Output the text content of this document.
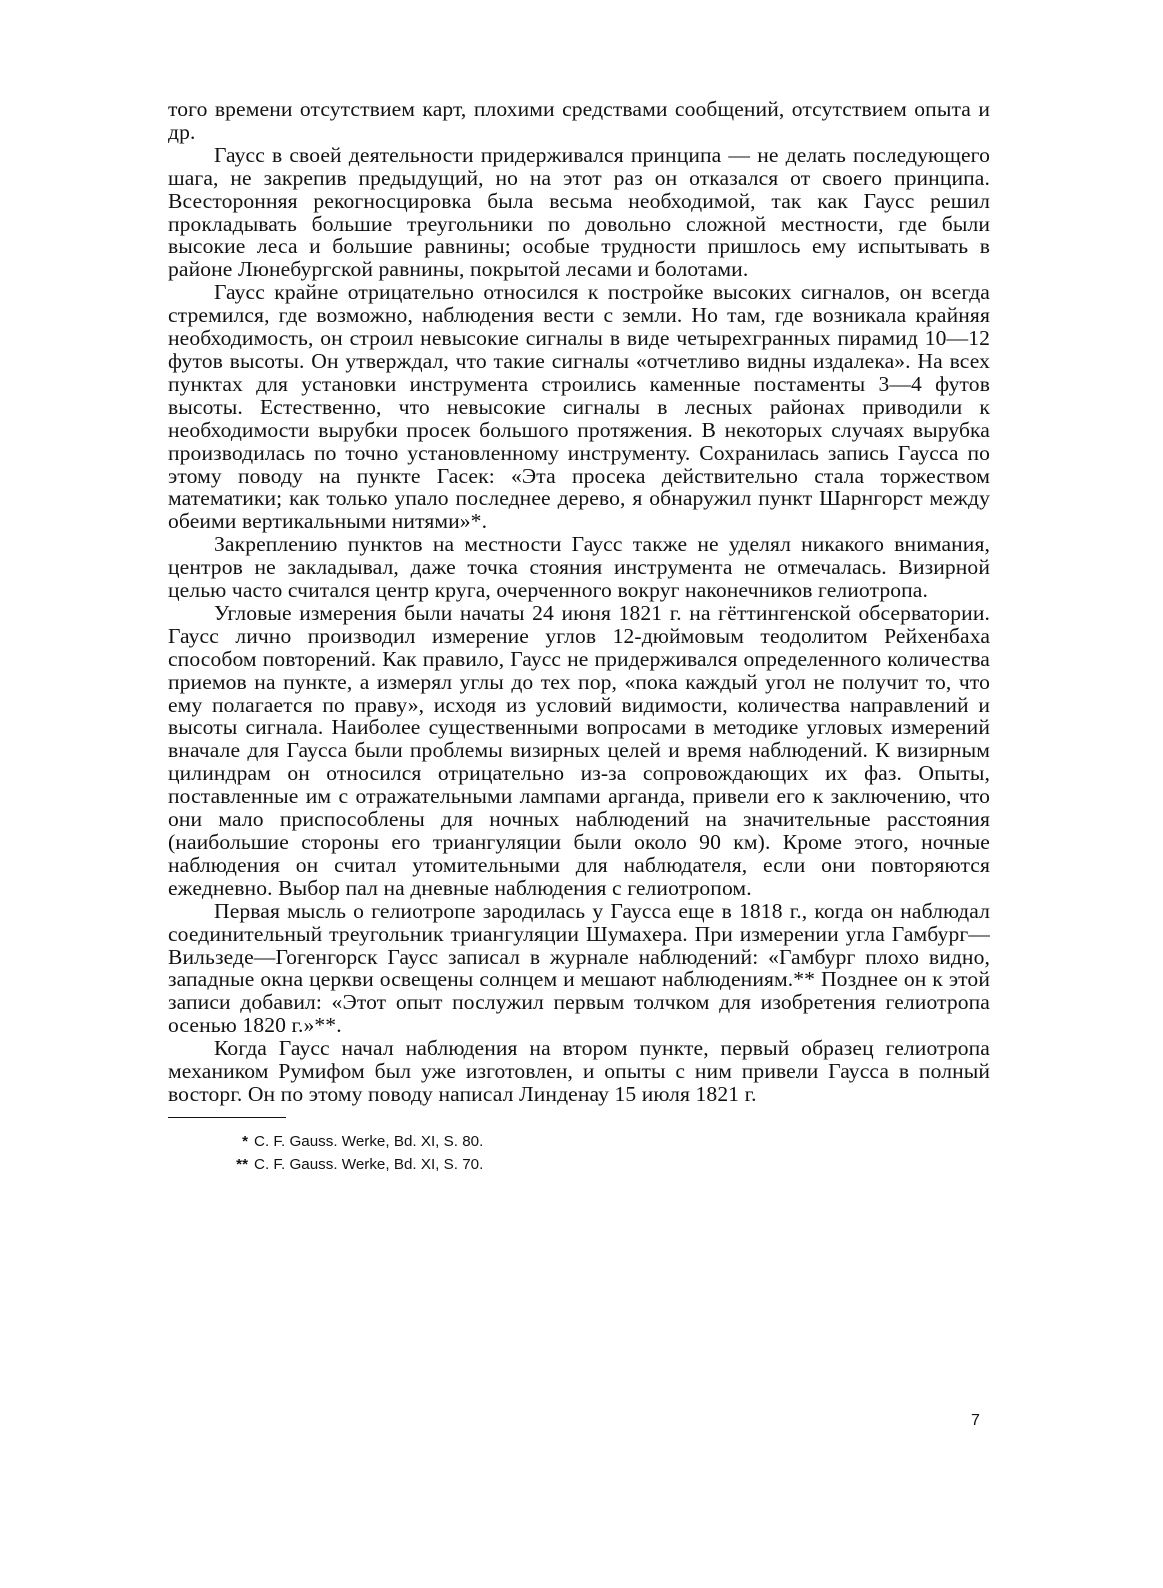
того времени отсутствием карт, плохими средствами сообщений, отсутствием опыта и др.

Гаусс в своей деятельности придерживался принципа — не делать последующего шага, не закрепив предыдущий, но на этот раз он отказался от своего принципа. Всесторонняя рекогносцировка была весьма необходимой, так как Гаусс решил прокладывать большие треугольники по довольно сложной местности, где были высокие леса и большие равнины; особые трудности пришлось ему испытывать в районе Люнебургской равнины, покрытой лесами и болотами.

Гаусс крайне отрицательно относился к постройке высоких сигналов, он всегда стремился, где возможно, наблюдения вести с земли. Но там, где возникала крайняя необходимость, он строил невысокие сигналы в виде четырехгранных пирамид 10—12 футов высоты. Он утверждал, что такие сигналы «отчетливо видны издалека». На всех пунктах для установки инструмента строились каменные постаменты 3—4 футов высоты. Естественно, что невысокие сигналы в лесных районах приводили к необходимости вырубки просек большого протяжения. В некоторых случаях вырубка производилась по точно установленному инструменту. Сохранилась запись Гаусса по этому поводу на пункте Гасек: «Эта просека действительно стала торжеством математики; как только упало последнее дерево, я обнаружил пункт Шарнгорст между обеими вертикальными нитями»*.

Закреплению пунктов на местности Гаусс также не уделял никакого внимания, центров не закладывал, даже точка стояния инструмента не отмечалась. Визирной целью часто считался центр круга, очерченного вокруг наконечников гелиотропа.

Угловые измерения были начаты 24 июня 1821 г. на гёттингенской обсерватории. Гаусс лично производил измерение углов 12-дюймовым теодолитом Рейхенбаха способом повторений. Как правило, Гаусс не придерживался определенного количества приемов на пункте, а измерял углы до тех пор, «пока каждый угол не получит то, что ему полагается по праву», исходя из условий видимости, количества направлений и высоты сигнала. Наиболее существенными вопросами в методике угловых измерений вначале для Гаусса были проблемы визирных целей и время наблюдений. К визирным цилиндрам он относился отрицательно из-за сопровождающих их фаз. Опыты, поставленные им с отражательными лампами арганда, привели его к заключению, что они мало приспособлены для ночных наблюдений на значительные расстояния (наибольшие стороны его триангуляции были около 90 км). Кроме этого, ночные наблюдения он считал утомительными для наблюдателя, если они повторяются ежедневно. Выбор пал на дневные наблюдения с гелиотропом.

Первая мысль о гелиотропе зародилась у Гаусса еще в 1818 г., когда он наблюдал соединительный треугольник триангуляции Шумахера. При измерении угла Гамбург—Вильзеде—Гогенгорск Гаусс записал в журнале наблюдений: «Гамбург плохо видно, западные окна церкви освещены солнцем и мешают наблюдениям.** Позднее он к этой записи добавил: «Этот опыт послужил первым толчком для изобретения гелиотропа осенью 1820 г.»**.

Когда Гаусс начал наблюдения на втором пункте, первый образец гелиотропа механиком Румифом был уже изготовлен, и опыты с ним привели Гаусса в полный восторг. Он по этому поводу написал Линденау 15 июля 1821 г.

* C. F. Gauss. Werke, Bd. XI, S. 80.

** C. F. Gauss. Werke, Bd. XI, S. 70.

7
